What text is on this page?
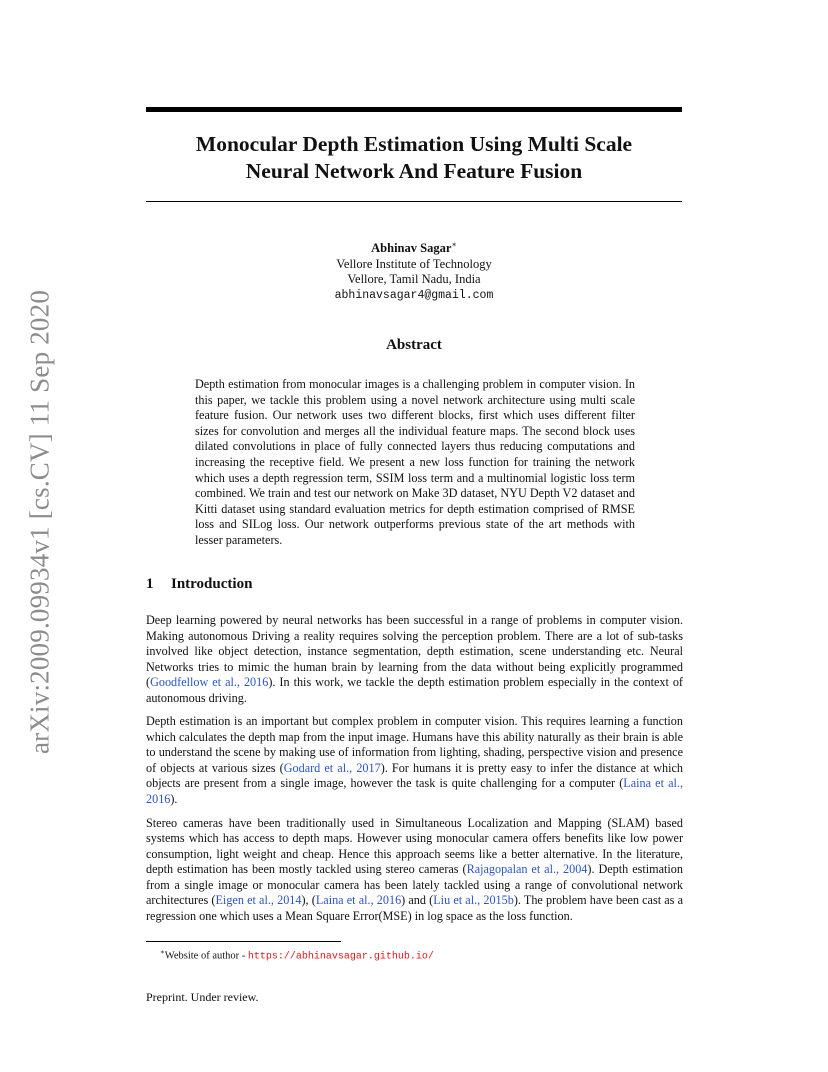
arXiv:2009.09934v1 [cs.CV] 11 Sep 2020
Monocular Depth Estimation Using Multi Scale
Neural Network And Feature Fusion
Abhinav Sagar∗
Vellore Institute of Technology
Vellore, Tamil Nadu, India
abhinavsagar4@gmail.com
Abstract
Depth estimation from monocular images is a challenging problem in computer vision. In this paper, we tackle this problem using a novel network architecture using multi scale feature fusion. Our network uses two different blocks, first which uses different filter sizes for convolution and merges all the individual feature maps. The second block uses dilated convolutions in place of fully connected layers thus reducing computations and increasing the receptive field. We present a new loss function for training the network which uses a depth regression term, SSIM loss term and a multinomial logistic loss term combined. We train and test our network on Make 3D dataset, NYU Depth V2 dataset and Kitti dataset using standard evaluation metrics for depth estimation comprised of RMSE loss and SILog loss. Our network outperforms previous state of the art methods with lesser parameters.
1 Introduction

Deep learning powered by neural networks has been successful in a range of problems in computer vision. Making autonomous Driving a reality requires solving the perception problem. There are a lot of sub-tasks involved like object detection, instance segmentation, depth estimation, scene understanding etc. Neural Networks tries to mimic the human brain by learning from the data without being explicitly programmed (Goodfellow et al., 2016). In this work, we tackle the depth estimation problem especially in the context of autonomous driving.

Depth estimation is an important but complex problem in computer vision. This requires learning a function which calculates the depth map from the input image. Humans have this ability naturally as their brain is able to understand the scene by making use of information from lighting, shading, perspective vision and presence of objects at various sizes (Godard et al., 2017). For humans it is pretty easy to infer the distance at which objects are present from a single image, however the task is quite challenging for a computer (Laina et al., 2016).

Stereo cameras have been traditionally used in Simultaneous Localization and Mapping (SLAM) based systems which has access to depth maps. However using monocular camera offers benefits like low power consumption, light weight and cheap. Hence this approach seems like a better alternative. In the literature, depth estimation has been mostly tackled using stereo cameras (Rajagopalan et al., 2004). Depth estimation from a single image or monocular camera has been lately tackled using a range of convolutional network architectures (Eigen et al., 2014), (Laina et al., 2016) and (Liu et al., 2015b). The problem have been cast as a regression one which uses a Mean Square Error(MSE) in log space as the loss function.

∗Website of author - https://abhinavsagar.github.io/
Preprint. Under review.
